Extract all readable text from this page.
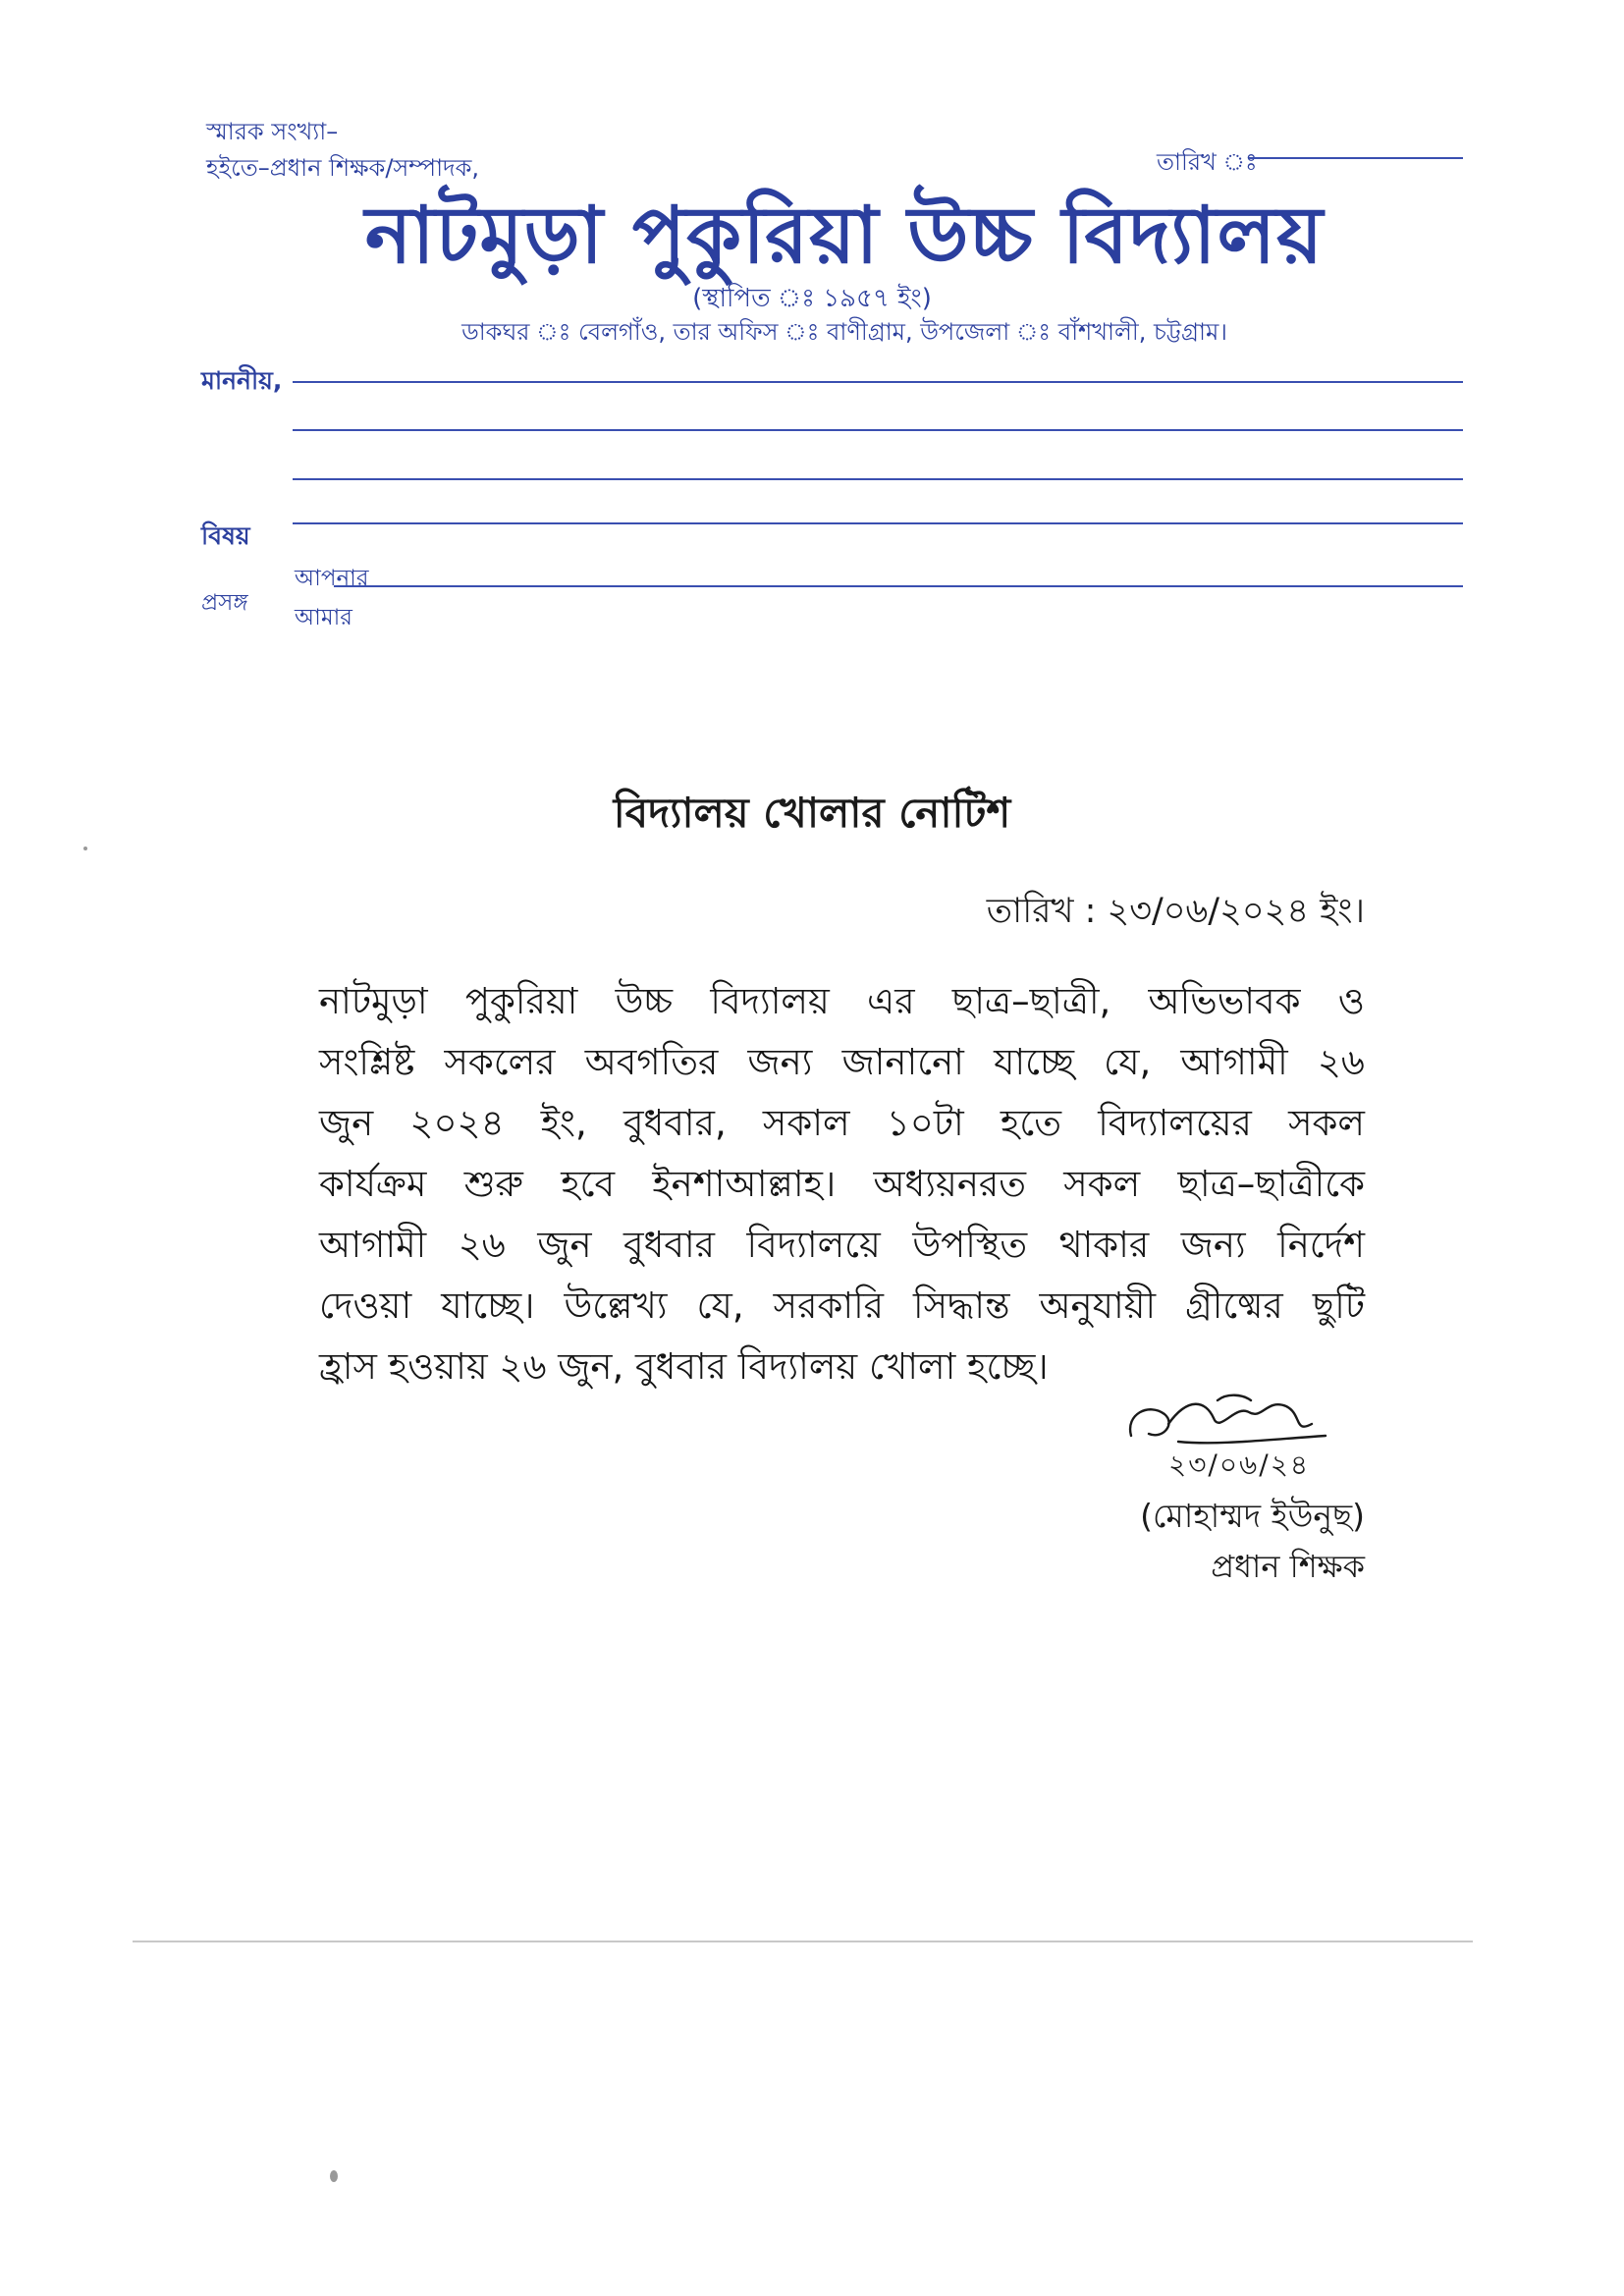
স্মারক সংখ্যা–
হইতে–প্রধান শিক্ষক/সম্পাদক,	তারিখ ঃ
নাটমুড়া পুকুরিয়া উচ্চ বিদ্যালয়
(স্থাপিত ঃ ১৯৫৭ ইং)
ডাকঘর ঃ বেলগাঁও, তার অফিস ঃ বাণীগ্রাম, উপজেলা ঃ বাঁশখালী, চট্টগ্রাম।
মাননীয়,
বিষয়
প্রসঙ্গ
আপনার
আমার
বিদ্যালয় খোলার নোটিশ
তারিখ : ২৩/০৬/২০২৪ ইং।
নাটমুড়া পুকুরিয়া উচ্চ বিদ্যালয় এর ছাত্র–ছাত্রী, অভিভাবক ও
সংশ্লিষ্ট সকলের অবগতির জন্য জানানো যাচ্ছে যে, আগামী ২৬
জুন ২০২৪ ইং, বুধবার, সকাল ১০টা হতে বিদ্যালয়ের সকল
কার্যক্রম শুরু হবে ইনশাআল্লাহ। অধ্যয়নরত সকল ছাত্র–ছাত্রীকে
আগামী ২৬ জুন বুধবার বিদ্যালয়ে উপস্থিত থাকার জন্য নির্দেশ
দেওয়া যাচ্ছে। উল্লেখ্য যে, সরকারি সিদ্ধান্ত অনুযায়ী গ্রীষ্মের ছুটি
হ্রাস হওয়ায় ২৬ জুন, বুধবার বিদ্যালয় খোলা হচ্ছে।
২৩/০৬/২৪
(মোহাম্মদ ইউনুছ)
প্রধান শিক্ষক
